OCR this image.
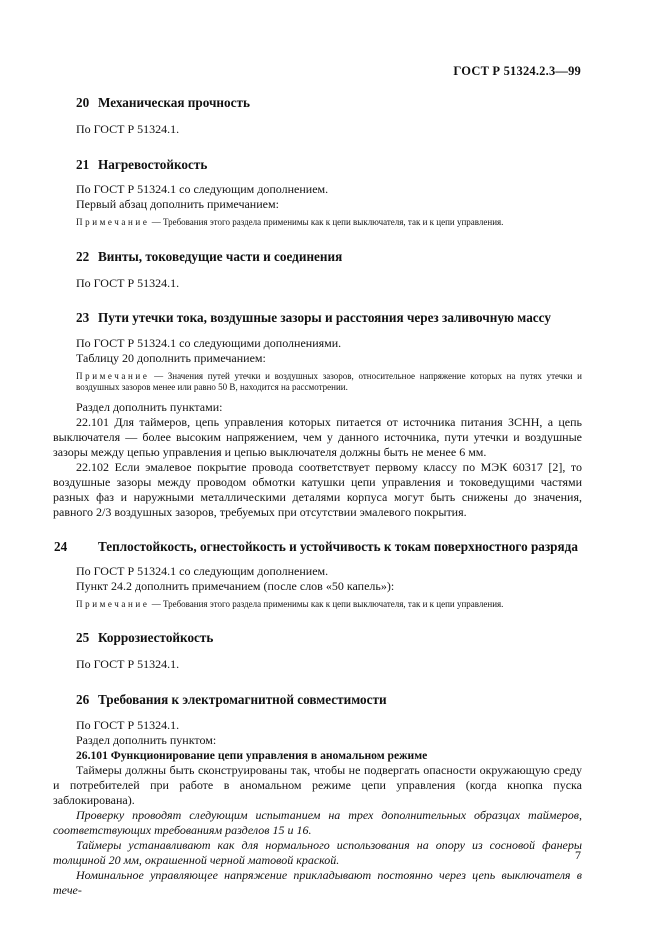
ГОСТ Р 51324.2.3—99
20 Механическая прочность

По ГОСТ Р 51324.1.

21 Нагревостойкость

По ГОСТ Р 51324.1 со следующим дополнением.

Первый абзац дополнить примечанием:

Примечание — Требования этого раздела применимы как к цепи выключателя, так и к цепи управления.
22 Винты, токоведущие части и соединения

По ГОСТ Р 51324.1.

23 Пути утечки тока, воздушные зазоры и расстояния через заливочную массу

По ГОСТ Р 51324.1 со следующими дополнениями.

Таблицу 20 дополнить примечанием:

Примечание — Значения путей утечки и воздушных зазоров, относительное напряжение которых на путях утечки и воздушных зазоров менее или равно 50 В, находится на рассмотрении.

Раздел дополнить пунктами:

22.101 Для таймеров, цепь управления которых питается от источника питания ЗСНН, а цепь выключателя — более высоким напряжением, чем у данного источника, пути утечки и воздушные зазоры между цепью управления и цепью выключателя должны быть не менее 6 мм.

22.102 Если эмалевое покрытие провода соответствует первому классу по МЭК 60317 [2], то воздушные зазоры между проводом обмотки катушки цепи управления и токоведущими частями разных фаз и наружными металлическими деталями корпуса могут быть снижены до значения, равного 2/3 воздушных зазоров, требуемых при отсутствии эмалевого покрытия.

24 Теплостойкость, огнестойкость и устойчивость к токам поверхностного разряда

По ГОСТ Р 51324.1 со следующим дополнением.

Пункт 24.2 дополнить примечанием (после слов «50 капель»):

Примечание — Требования этого раздела применимы как к цепи выключателя, так и к цепи управления.
25 Коррозиестойкость

По ГОСТ Р 51324.1.

26 Требования к электромагнитной совместимости

По ГОСТ Р 51324.1.

Раздел дополнить пунктом:

26.101 Функционирование цепи управления в аномальном режиме

Таймеры должны быть сконструированы так, чтобы не подвергать опасности окружающую среду и потребителей при работе в аномальном режиме цепи управления (когда кнопка пуска заблокирована).

Проверку проводят следующим испытанием на трех дополнительных образцах таймеров, соответствующих требованиям разделов 15 и 16.

Таймеры устанавливают как для нормального использования на опору из сосновой фанеры толщиной 20 мм, окрашенной черной матовой краской.

Номинальное управляющее напряжение прикладывают постоянно через цепь выключателя в тече-

7
